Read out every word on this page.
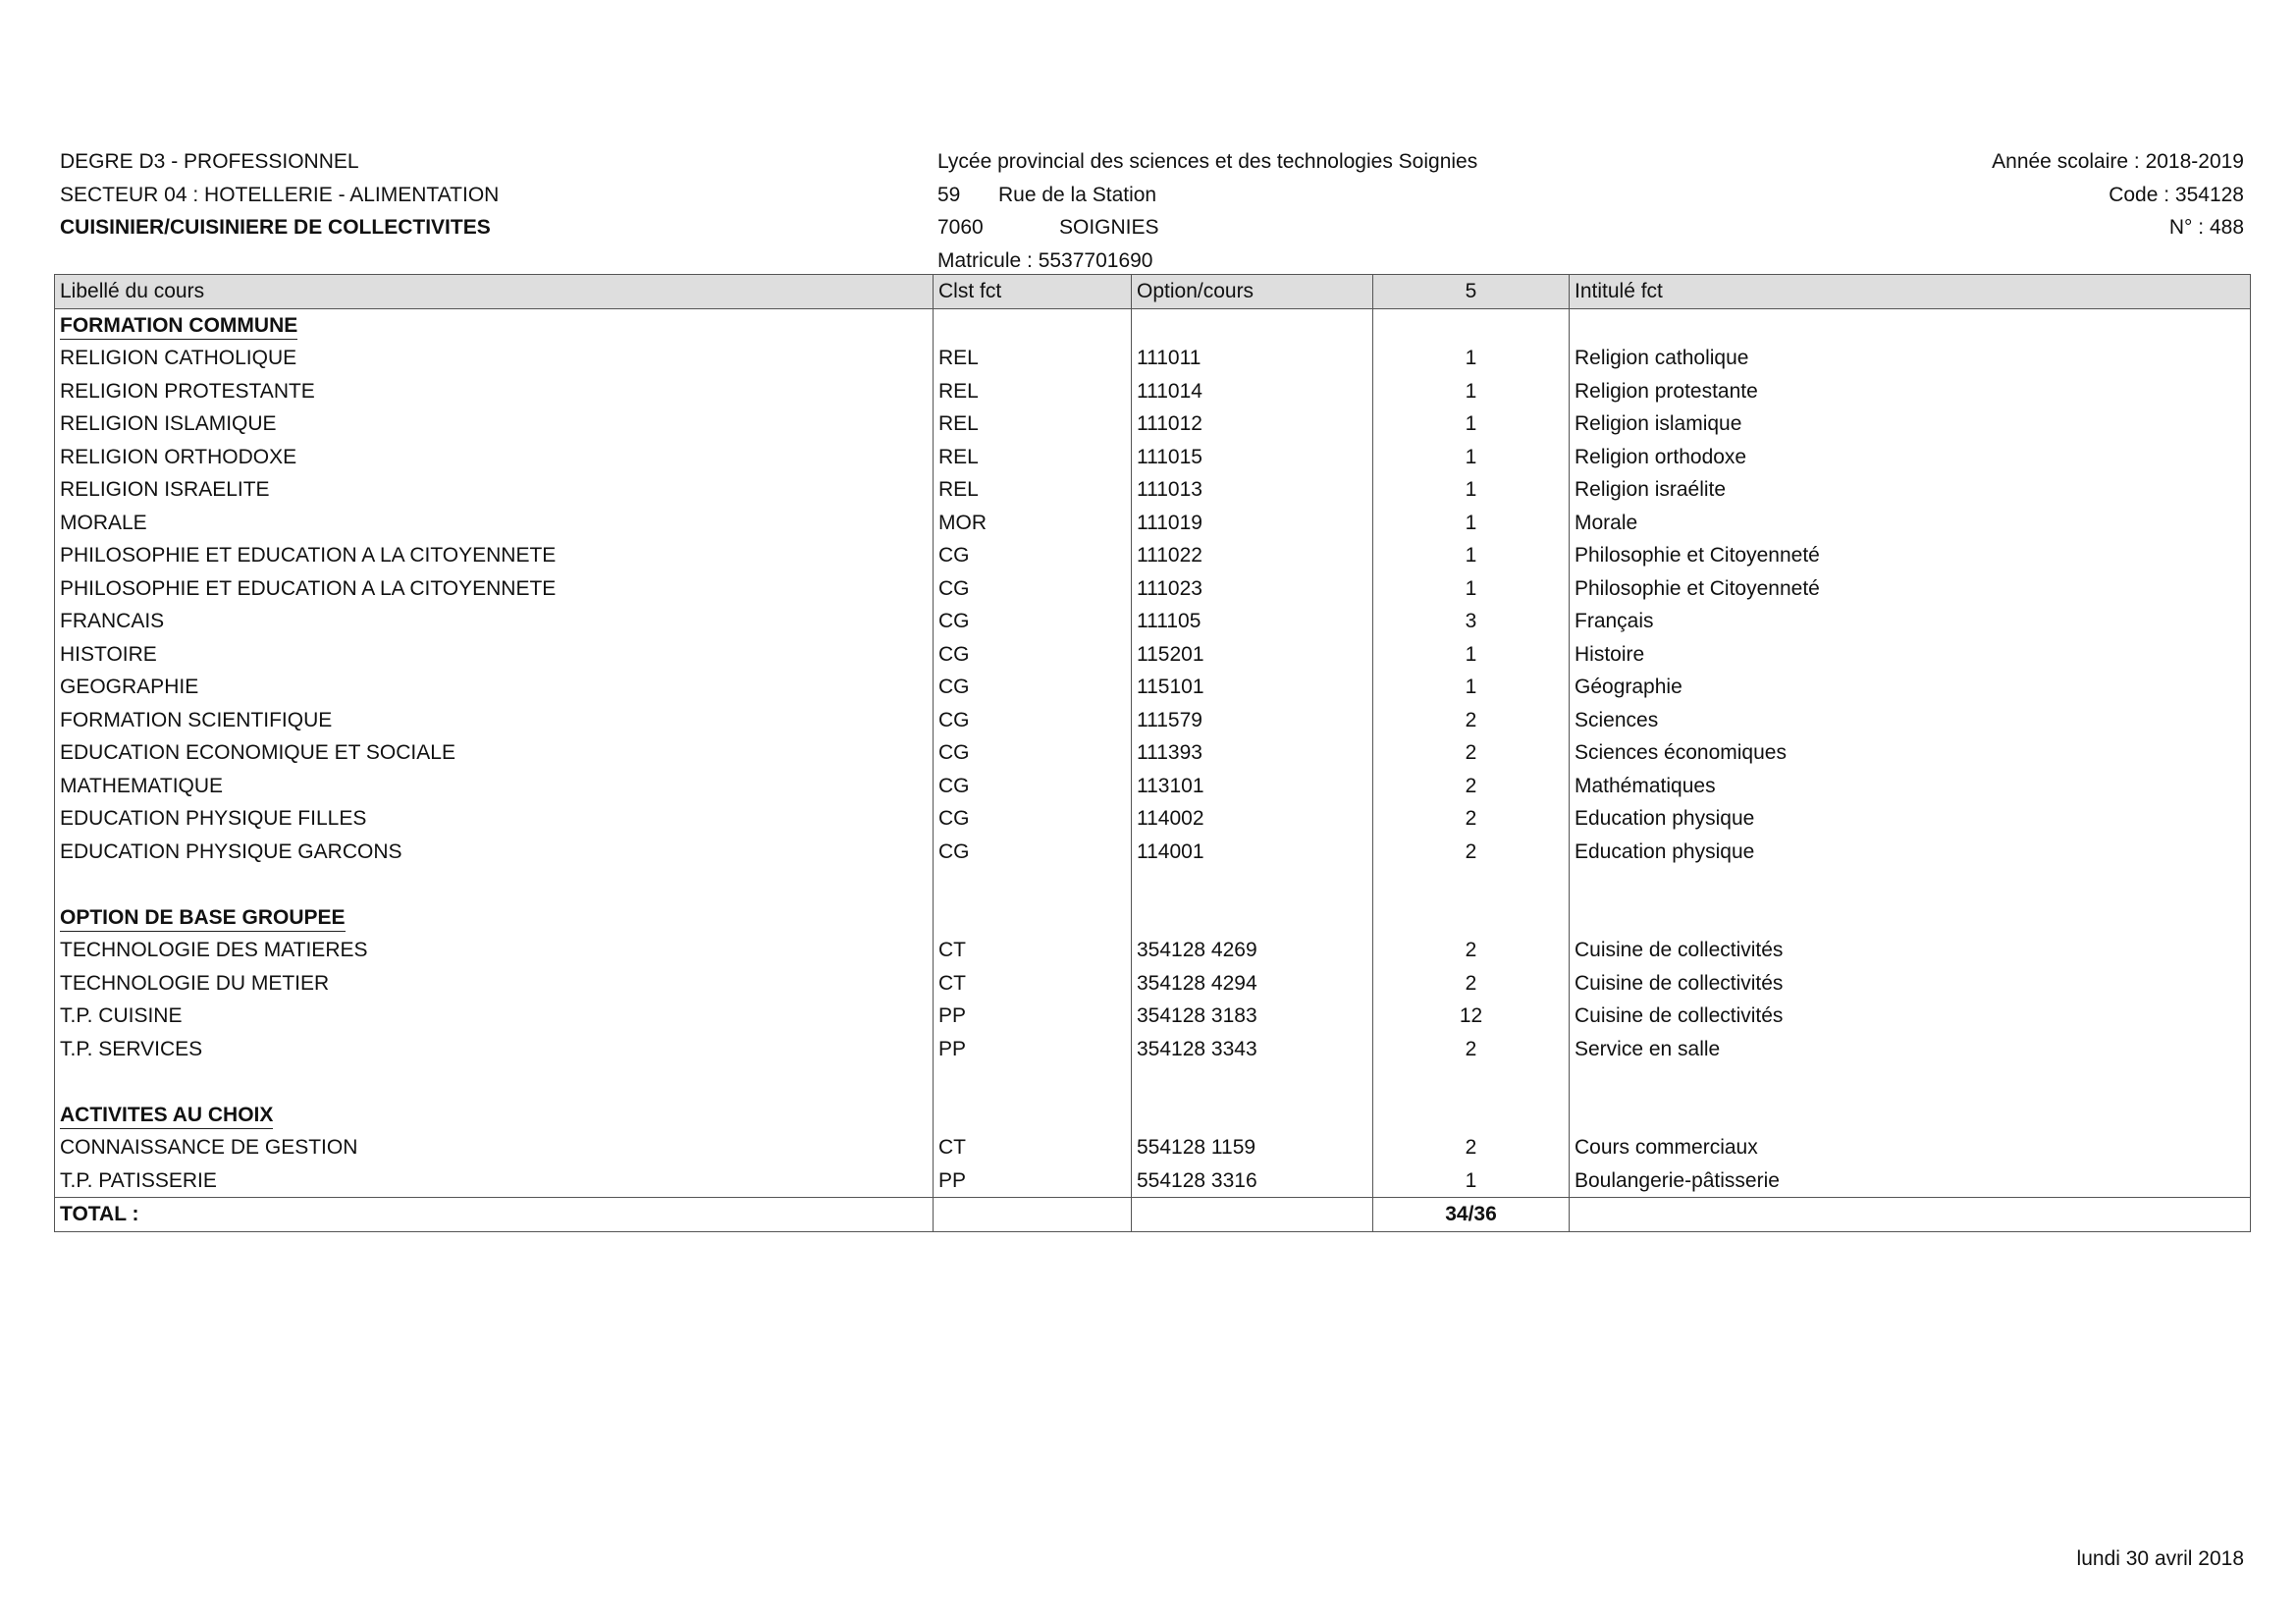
DEGRE D3 - PROFESSIONNEL
SECTEUR 04 : HOTELLERIE - ALIMENTATION
CUISINIER/CUISINIERE DE COLLECTIVITES
Lycée provincial des sciences et des technologies Soignies
59 Rue de la Station
7060	SOIGNIES
Matricule : 5537701690
Année scolaire : 2018-2019
Code : 354128
N° : 488
Libellé du cours	Clst fct	Option/cours	5	Intitulé fct
FORMATION COMMUNE				
RELIGION CATHOLIQUE	REL	111011	1	Religion catholique
RELIGION PROTESTANTE	REL	111014	1	Religion protestante
RELIGION ISLAMIQUE	REL	111012	1	Religion islamique
RELIGION ORTHODOXE	REL	111015	1	Religion orthodoxe
RELIGION ISRAELITE	REL	111013	1	Religion israélite
MORALE	MOR	111019	1	Morale
PHILOSOPHIE ET EDUCATION A LA CITOYENNETE	CG	111022	1	Philosophie et Citoyenneté
PHILOSOPHIE ET EDUCATION A LA CITOYENNETE	CG	111023	1	Philosophie et Citoyenneté
FRANCAIS	CG	111105	3	Français
HISTOIRE	CG	115201	1	Histoire
GEOGRAPHIE	CG	115101	1	Géographie
FORMATION SCIENTIFIQUE	CG	111579	2	Sciences
EDUCATION ECONOMIQUE ET SOCIALE	CG	111393	2	Sciences économiques
MATHEMATIQUE	CG	113101	2	Mathématiques
EDUCATION PHYSIQUE FILLES	CG	114002	2	Education physique
EDUCATION PHYSIQUE GARCONS	CG	114001	2	Education physique

OPTION DE BASE GROUPEE				
TECHNOLOGIE DES MATIERES	CT	354128 4269	2	Cuisine de collectivités
TECHNOLOGIE DU METIER	CT	354128 4294	2	Cuisine de collectivités
T.P. CUISINE	PP	354128 3183	12	Cuisine de collectivités
T.P. SERVICES	PP	354128 3343	2	Service en salle

ACTIVITES AU CHOIX				
CONNAISSANCE DE GESTION	CT	554128 1159	2	Cours commerciaux
T.P. PATISSERIE	PP	554128 3316	1	Boulangerie-pâtisserie
TOTAL :			34/36	
lundi 30 avril 2018
